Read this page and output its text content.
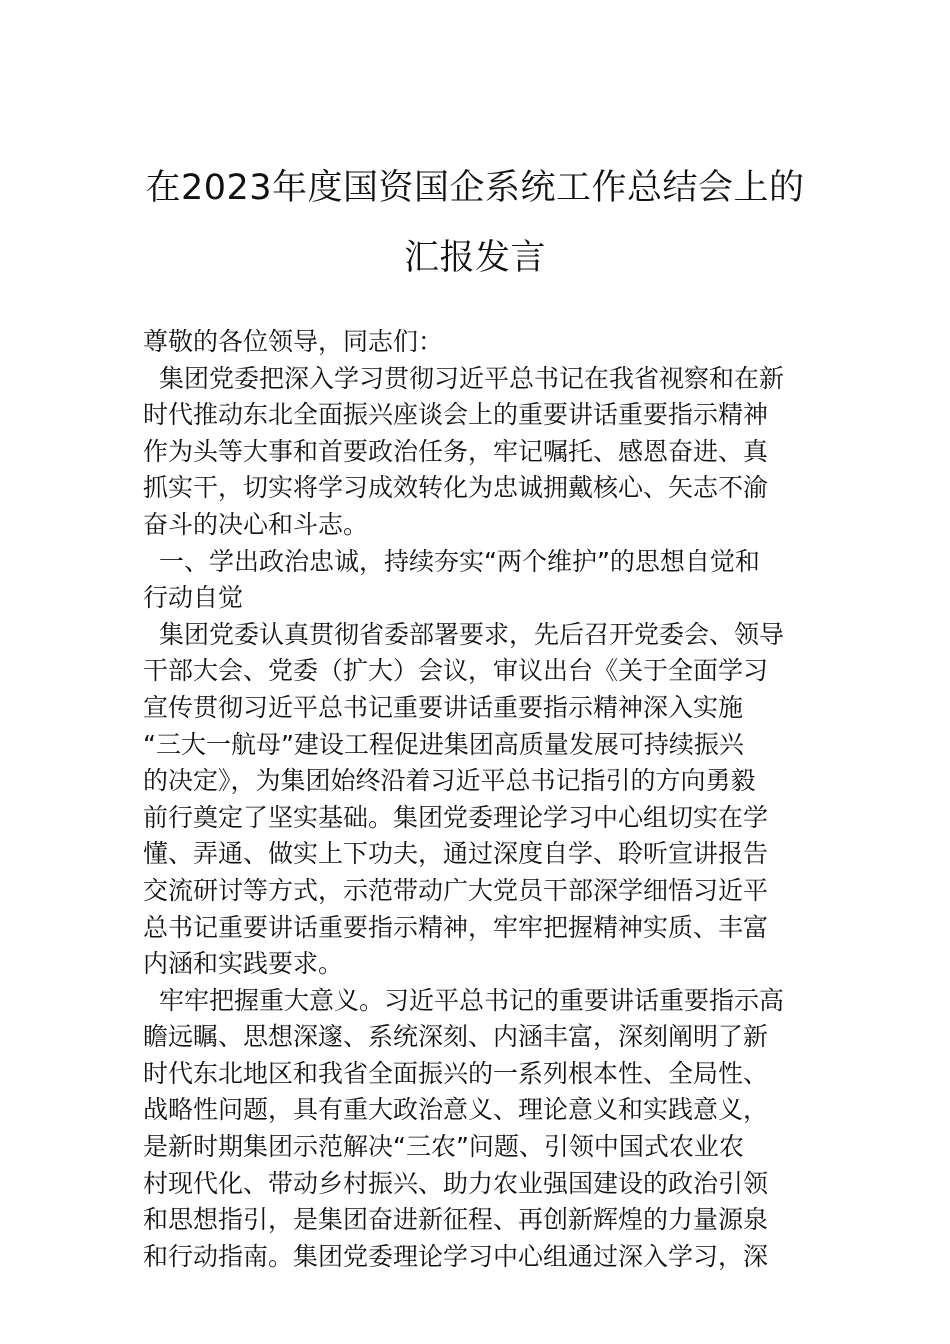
在2023年度国资国企系统工作总结会上的
汇报发言
尊敬的各位领导，同志们：
集团党委把深入学习贯彻习近平总书记在我省视察和在新
时代推动东北全面振兴座谈会上的重要讲话重要指示精神
作为头等大事和首要政治任务，牢记嘱托、感恩奋进、真
抓实干，切实将学习成效转化为忠诚拥戴核心、矢志不渝
奋斗的决心和斗志。
一、学出政治忠诚，持续夯实“两个维护”的思想自觉和
行动自觉
集团党委认真贯彻省委部署要求，先后召开党委会、领导
干部大会、党委（扩大）会议，审议出台《关于全面学习
宣传贯彻习近平总书记重要讲话重要指示精神深入实施
“三大一航母”建设工程促进集团高质量发展可持续振兴
的决定》，为集团始终沿着习近平总书记指引的方向勇毅
前行奠定了坚实基础。集团党委理论学习中心组切实在学
懂、弄通、做实上下功夫，通过深度自学、聆听宣讲报告
交流研讨等方式，示范带动广大党员干部深学细悟习近平
总书记重要讲话重要指示精神，牢牢把握精神实质、丰富
内涵和实践要求。
牢牢把握重大意义。习近平总书记的重要讲话重要指示高
瞻远瞩、思想深邃、系统深刻、内涵丰富，深刻阐明了新
时代东北地区和我省全面振兴的一系列根本性、全局性、
战略性问题，具有重大政治意义、理论意义和实践意义，
是新时期集团示范解决“三农”问题、引领中国式农业农
村现代化、带动乡村振兴、助力农业强国建设的政治引领
和思想指引，是集团奋进新征程、再创新辉煌的力量源泉
和行动指南。集团党委理论学习中心组通过深入学习，深
